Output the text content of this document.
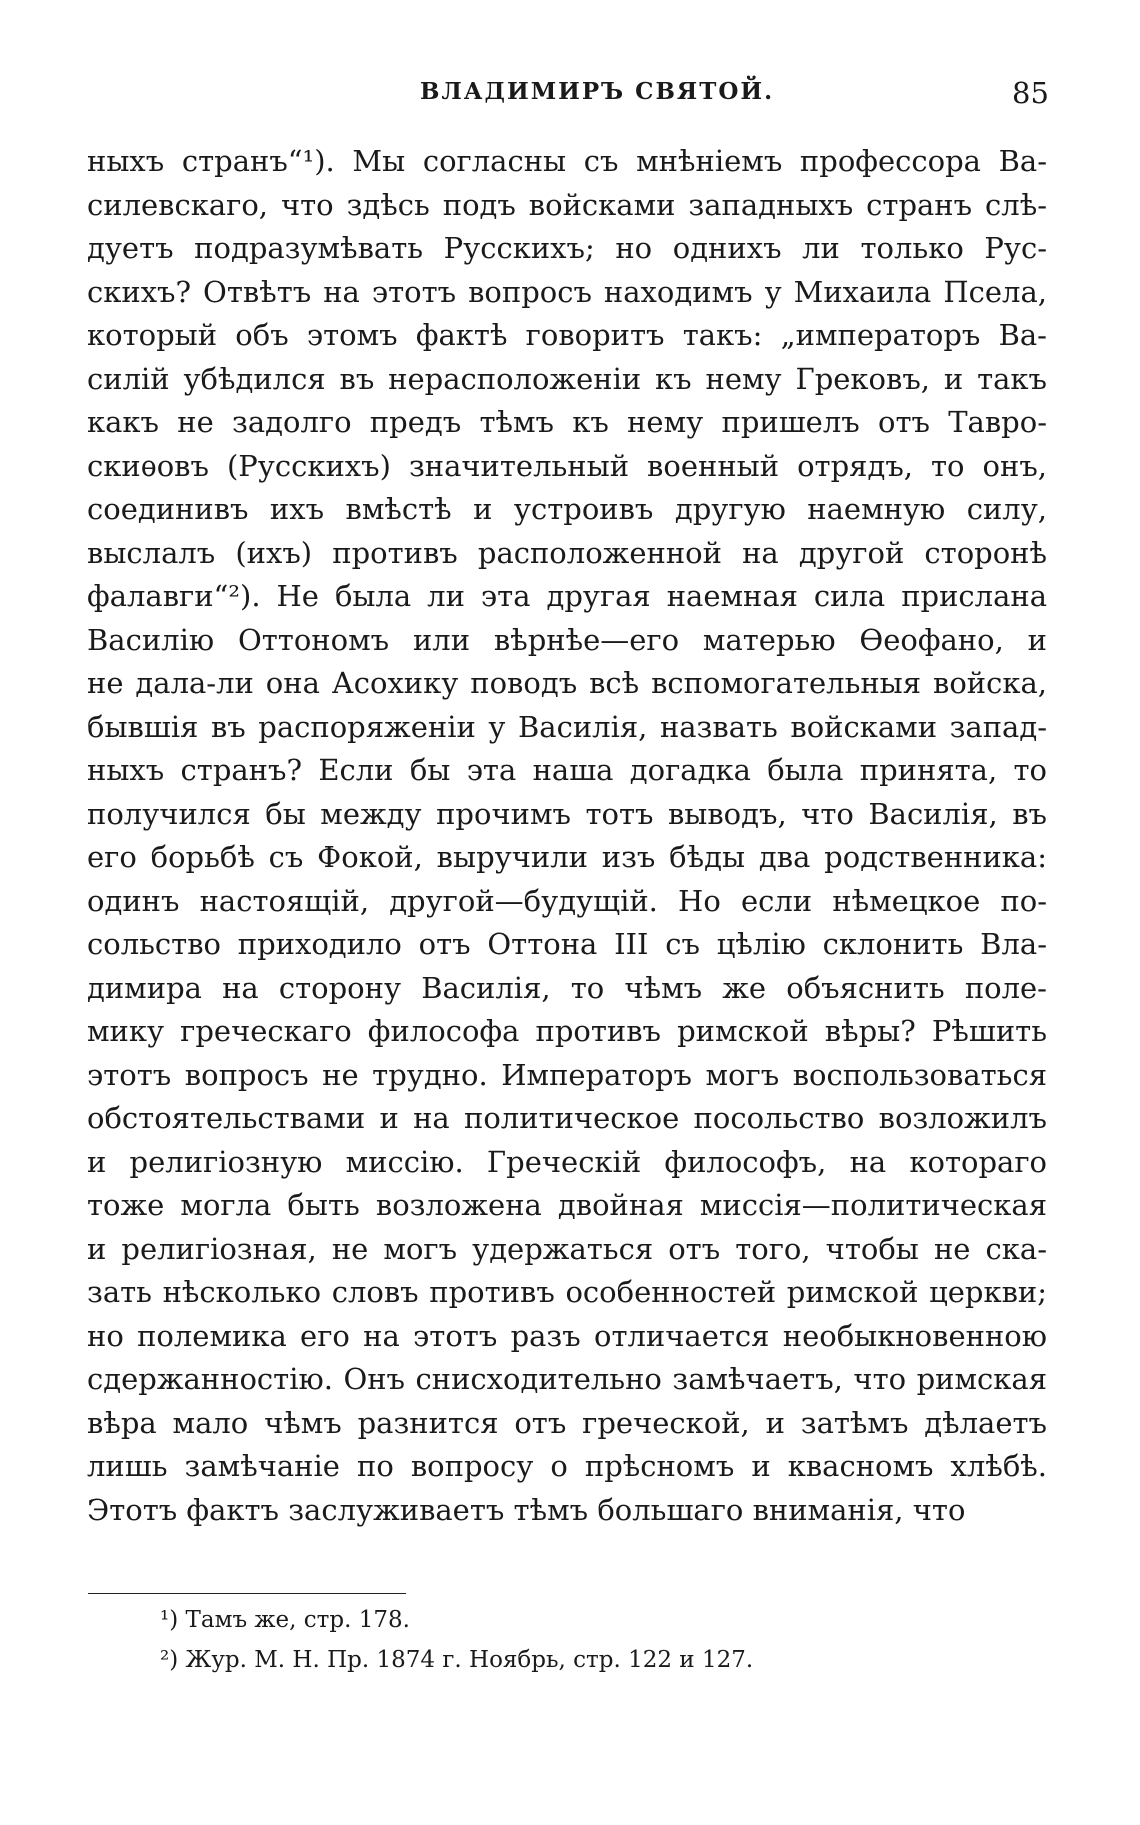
ВЛАДИМИРЪ СВЯТОЙ.	85
ныхъ странъ“¹). Мы согласны съ мнѣніемъ профессора Ва-
силевскаго, что здѣсь подъ войсками западныхъ странъ слѣ-
дуетъ подразумѣвать Русскихъ; но однихъ ли только Рус-
скихъ? Отвѣтъ на этотъ вопросъ находимъ у Михаила Псела,
который объ этомъ фактѣ говоритъ такъ: „императоръ Ва-
силій убѣдился въ нерасположеніи къ нему Грековъ, и такъ
какъ не задолго предъ тѣмъ къ нему пришелъ отъ Тавро-
скиѳовъ (Русскихъ) значительный военный отрядъ, то онъ,
соединивъ ихъ вмѣстѣ и устроивъ другую наемную силу,
выслалъ (ихъ) противъ расположенной на другой сторонѣ
фалавги“²). Не была ли эта другая наемная сила прислана
Василію Оттономъ или вѣрнѣе—его матерью Ѳеофано, и
не дала-ли она Асохику поводъ всѣ вспомогательныя войска,
бывшія въ распоряженіи у Василія, назвать войсками запад-
ныхъ странъ? Если бы эта наша догадка была принята, то
получился бы между прочимъ тотъ выводъ, что Василія, въ
его борьбѣ съ Фокой, выручили изъ бѣды два родственника:
одинъ настоящій, другой—будущій. Но если нѣмецкое по-
сольство приходило отъ Оттона III съ цѣлію склонить Вла-
димира на сторону Василія, то чѣмъ же объяснить поле-
мику греческаго философа противъ римской вѣры? Рѣшить
этотъ вопросъ не трудно. Императоръ могъ воспользоваться
обстоятельствами и на политическое посольство возложилъ
и религіозную миссію. Греческій философъ, на котораго
тоже могла быть возложена двойная миссія—политическая
и религіозная, не могъ удержаться отъ того, чтобы не ска-
зать нѣсколько словъ противъ особенностей римской церкви;
но полемика его на этотъ разъ отличается необыкновенною
сдержанностію. Онъ снисходительно замѣчаетъ, что римская
вѣра мало чѣмъ разнится отъ греческой, и затѣмъ дѣлаетъ
лишь замѣчаніе по вопросу о прѣсномъ и квасномъ хлѣбѣ.
Этотъ фактъ заслуживаетъ тѣмъ большаго вниманія, что
¹) Тамъ же, стр. 178.
²) Жур. М. Н. Пр. 1874 г. Ноябрь, стр. 122 и 127.
